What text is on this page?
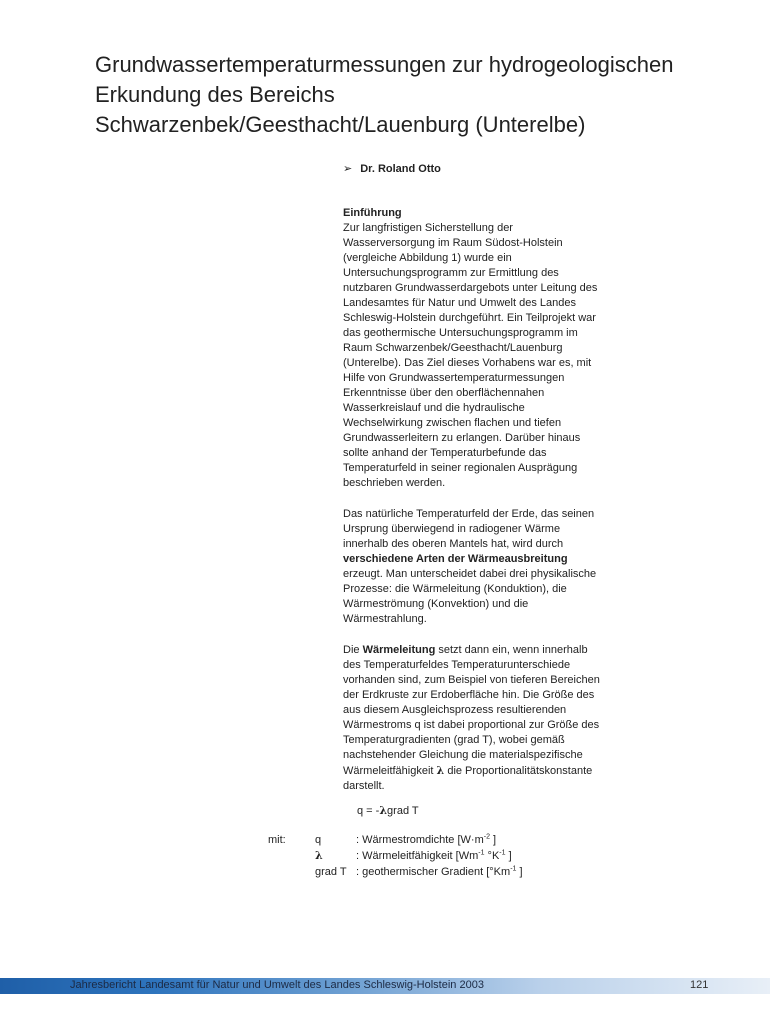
Grundwassertemperaturmessungen zur hydrogeologischen Erkundung des Bereichs Schwarzenbek/Geesthacht/Lauenburg (Unterelbe)
➢ Dr. Roland Otto
Einführung

Zur langfristigen Sicherstellung der Wasserversorgung im Raum Südost-Holstein (vergleiche Abbildung 1) wurde ein Untersuchungsprogramm zur Ermittlung des nutzbaren Grundwasserdargebots unter Leitung des Landesamtes für Natur und Umwelt des Landes Schleswig-Holstein durchgeführt. Ein Teilprojekt war das geothermische Untersuchungsprogramm im Raum Schwarzenbek/Geesthacht/Lauenburg (Unterelbe). Das Ziel dieses Vorhabens war es, mit Hilfe von Grundwassertemperaturmessungen Erkenntnisse über den oberflächennahen Wasserkreislauf und die hydraulische Wechselwirkung zwischen flachen und tiefen Grundwasserleitern zu erlangen. Darüber hinaus sollte anhand der Temperaturbefunde das Temperaturfeld in seiner regionalen Ausprägung beschrieben werden.

Das natürliche Temperaturfeld der Erde, das seinen Ursprung überwiegend in radiogener Wärme innerhalb des oberen Mantels hat, wird durch verschiedene Arten der Wärmeausbreitung erzeugt. Man unterscheidet dabei drei physikalische Prozesse: die Wärmeleitung (Konduktion), die Wärmeströmung (Konvektion) und die Wärmestrahlung.

Die Wärmeleitung setzt dann ein, wenn innerhalb des Temperaturfeldes Temperaturunterschiede vorhanden sind, zum Beispiel von tieferen Bereichen der Erdkruste zur Erdoberfläche hin. Die Größe des aus diesem Ausgleichsprozess resultierenden Wärmestroms q ist dabei proportional zur Größe des Temperaturgradienten (grad T), wobei gemäß nachstehender Gleichung die materialspezifische Wärmeleitfähigkeit λ die Proportionalitätskonstante darstellt.

q = -λgrad T
mit:	q	: Wärmestromdichte [$W\cdot m^{-2}$ ]
λ	: Wärmeleitfähigkeit [$Wm^{-1}$ $^\circ K^{-1}$ ]
grad T : geothermischer Gradient [$^\circ Km^{-1}$ ]
Jahresbericht Landesamt für Natur und Umwelt des Landes Schleswig-Holstein 2003	121
